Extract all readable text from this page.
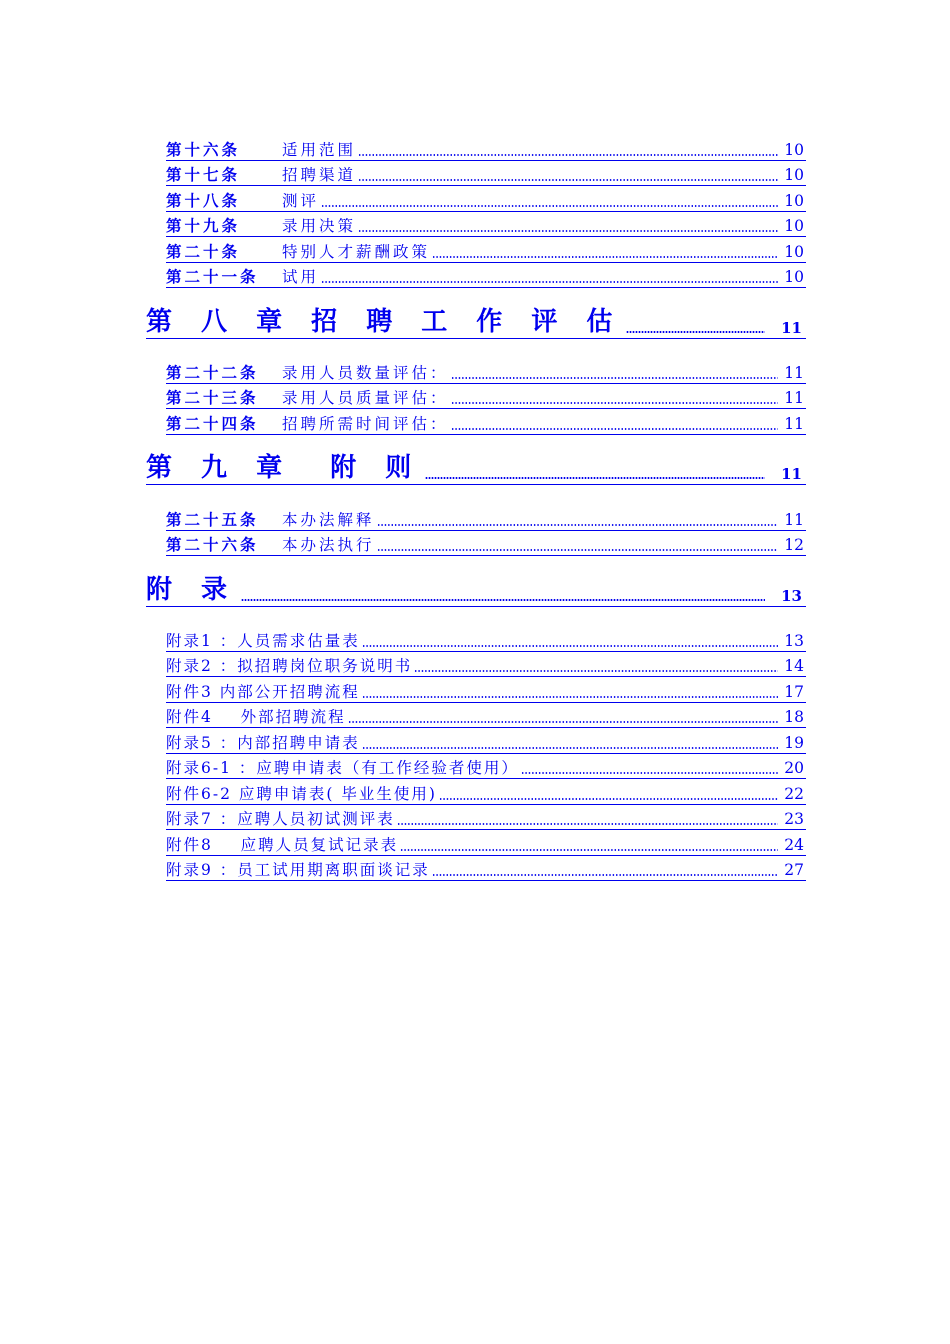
第十六条	适用范围	10
第十七条	招聘渠道	10
第十八条	测评	10
第十九条	录用决策	10
第二十条	特别人才薪酬政策	10
第二十一条 试用	10
第 八 章 招 聘 工 作 评 估	11
第二十二条 录用人员数量评估：	11
第二十三条 录用人员质量评估：	11
第二十四条 招聘所需时间评估：	11
第 九 章  附 则	11
第二十五条 本办法解释	11
第二十六条 本办法执行	12
附 录	13
附录1 ：人员需求估量表	13
附录2 ：拟招聘岗位职务说明书	14
附件3 内部公开招聘流程	17
附件4    外部招聘流程	18
附录5 ：内部招聘申请表	19
附录6-1 ：应聘申请表（有工作经验者使用）	20
附件6-2 应聘申请表( 毕业生使用)	22
附录7 ：应聘人员初试测评表	23
附件8    应聘人员复试记录表	24
附录9 ：员工试用期离职面谈记录	27
